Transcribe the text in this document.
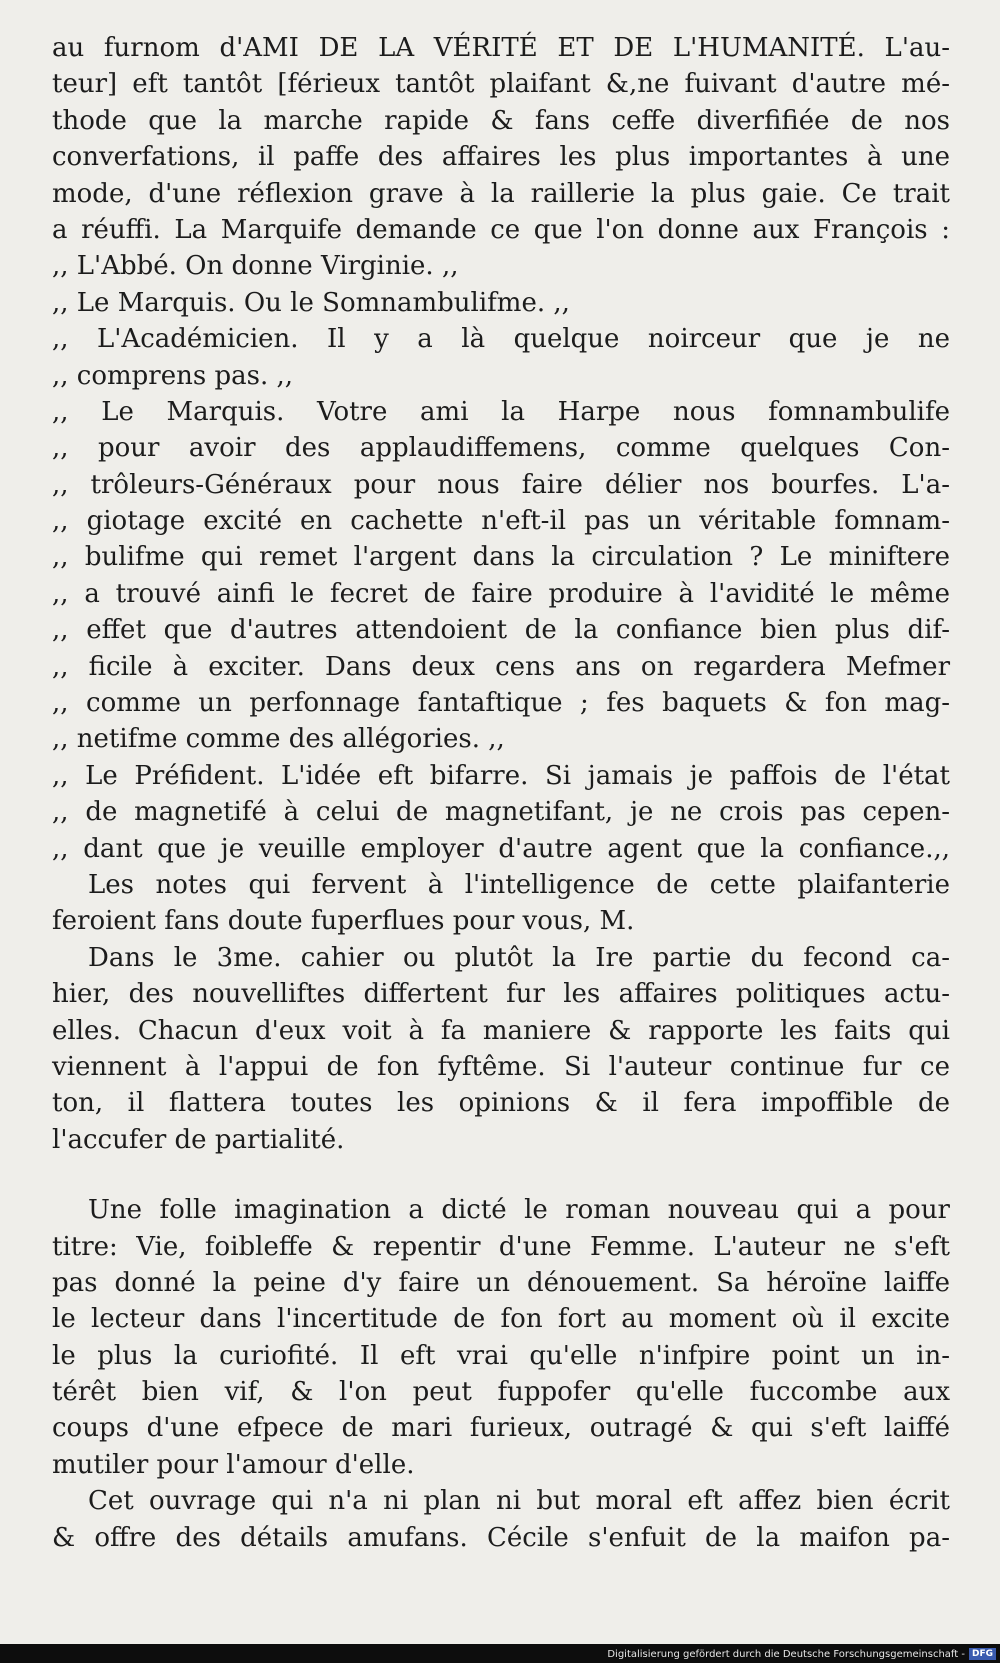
au furnom d'AMI DE LA VÉRITÉ ET DE L'HUMANITÉ. L'au-
teur] eft tantôt [férieux tantôt plaifant &,ne fuivant d'autre mé-
thode que la marche rapide & fans ceffe diverfifiée de nos
converfations, il paffe des affaires les plus importantes à une
mode, d'une réflexion grave à la raillerie la plus gaie. Ce trait
a réuffi. La Marquife demande ce que l'on donne aux François :
,, L'Abbé. On donne Virginie. ,,
,, Le Marquis. Ou le Somnambulifme. ,,
,, L'Académicien. Il y a là quelque noirceur que je ne
,, comprens pas. ,,
,, Le Marquis. Votre ami la Harpe nous fomnambulife
,, pour avoir des applaudiffemens, comme quelques Con-
,, trôleurs-Généraux pour nous faire délier nos bourfes. L'a-
,, giotage excité en cachette n'eft-il pas un véritable fomnam-
,, bulifme qui remet l'argent dans la circulation ? Le miniftere
,, a trouvé ainfi le fecret de faire produire à l'avidité le même
,, effet que d'autres attendoient de la confiance bien plus dif-
,, ficile à exciter. Dans deux cens ans on regardera Mefmer
,, comme un perfonnage fantaftique ; fes baquets & fon mag-
,, netifme comme des allégories. ,,
,, Le Préfident. L'idée eft bifarre. Si jamais je paffois de l'état
,, de magnetifé à celui de magnetifant, je ne crois pas cepen-
,, dant que je veuille employer d'autre agent que la confiance.,,
Les notes qui fervent à l'intelligence de cette plaifanterie
feroient fans doute fuperflues pour vous, M.
Dans le 3me. cahier ou plutôt la Ire partie du fecond ca-
hier, des nouvelliftes differtent fur les affaires politiques actu-
elles. Chacun d'eux voit à fa maniere & rapporte les faits qui
viennent à l'appui de fon fyftême. Si l'auteur continue fur ce
ton, il flattera toutes les opinions & il fera impoffible de
l'accufer de partialité.
Une folle imagination a dicté le roman nouveau qui a pour
titre: Vie, foibleffe & repentir d'une Femme. L'auteur ne s'eft
pas donné la peine d'y faire un dénouement. Sa héroïne laiffe
le lecteur dans l'incertitude de fon fort au moment où il excite
le plus la curiofité. Il eft vrai qu'elle n'infpire point un in-
térêt bien vif, & l'on peut fuppofer qu'elle fuccombe aux
coups d'une efpece de mari furieux, outragé & qui s'eft laiffé
mutiler pour l'amour d'elle.
Cet ouvrage qui n'a ni plan ni but moral eft affez bien écrit
& offre des détails amufans. Cécile s'enfuit de la maifon pa-
Digitalisierung gefördert durch die Deutsche Forschungsgemeinschaft - DFG
